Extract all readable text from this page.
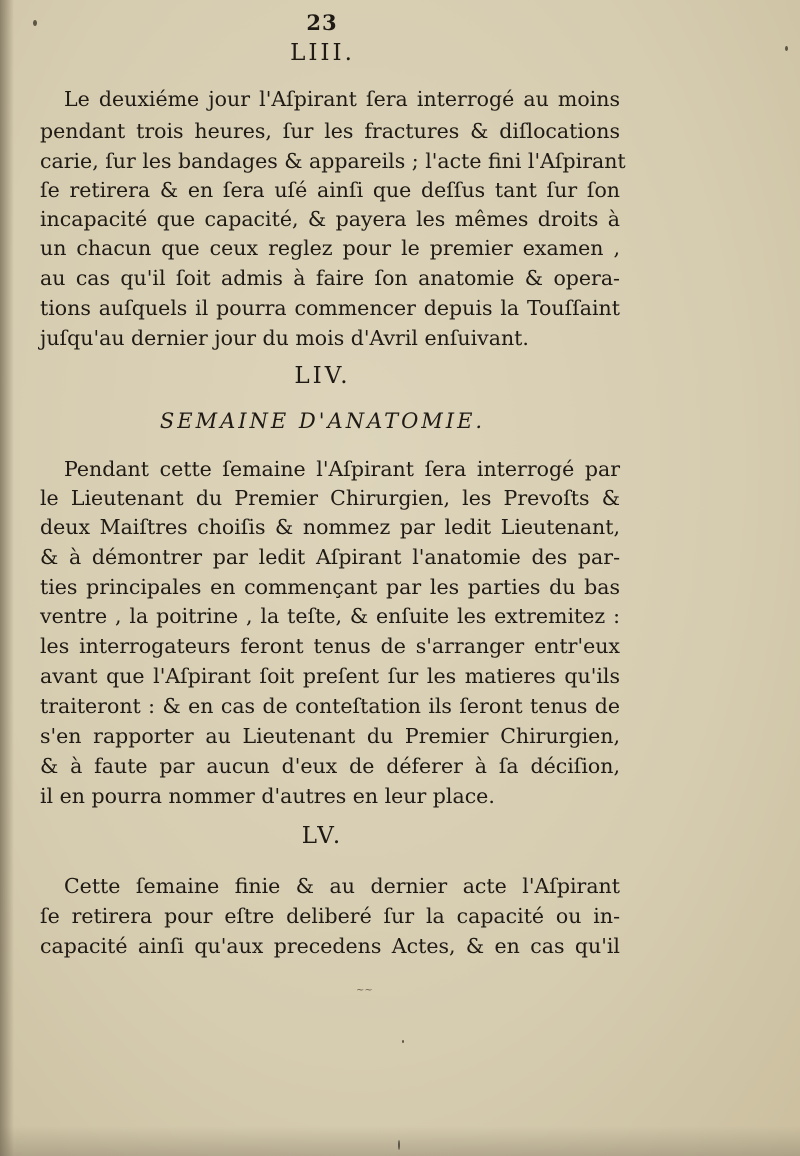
23
LIII.
Le deuxiéme jour l'Aſpirant ſera interrogé au moins
pendant trois heures, ſur les fractures & diſlocations
carie, ſur les bandages & appareils ; l'acte fini l'Aſpirant
ſe retirera & en ſera uſé ainſi que deſſus tant ſur ſon
incapacité que capacité, & payera les mêmes droits à
un chacun que ceux reglez pour le premier examen ,
au cas qu'il ſoit admis à faire ſon anatomie & opera-
tions auſquels il pourra commencer depuis la Touſſaint
juſqu'au dernier jour du mois d'Avril enſuivant.
LIV.
SEMAINE D'ANATOMIE.
Pendant cette ſemaine l'Aſpirant ſera interrogé par
le Lieutenant du Premier Chirurgien, les Prevoſts &
deux Maiſtres choiſis & nommez par ledit Lieutenant,
& à démontrer par ledit Aſpirant l'anatomie des par-
ties principales en commençant par les parties du bas
ventre , la poitrine , la teſte, & enſuite les extremitez :
les interrogateurs feront tenus de s'arranger entr'eux
avant que l'Aſpirant ſoit preſent ſur les matieres qu'ils
traiteront : & en cas de conteſtation ils ſeront tenus de
s'en rapporter au Lieutenant du Premier Chirurgien,
& à faute par aucun d'eux de déferer à ſa déciſion,
il en pourra nommer d'autres en leur place.
LV.
Cette ſemaine finie & au dernier acte l'Aſpirant
ſe retirera pour eſtre deliberé ſur la capacité ou in-
capacité ainſi qu'aux precedens Actes, & en cas qu'il
~~
